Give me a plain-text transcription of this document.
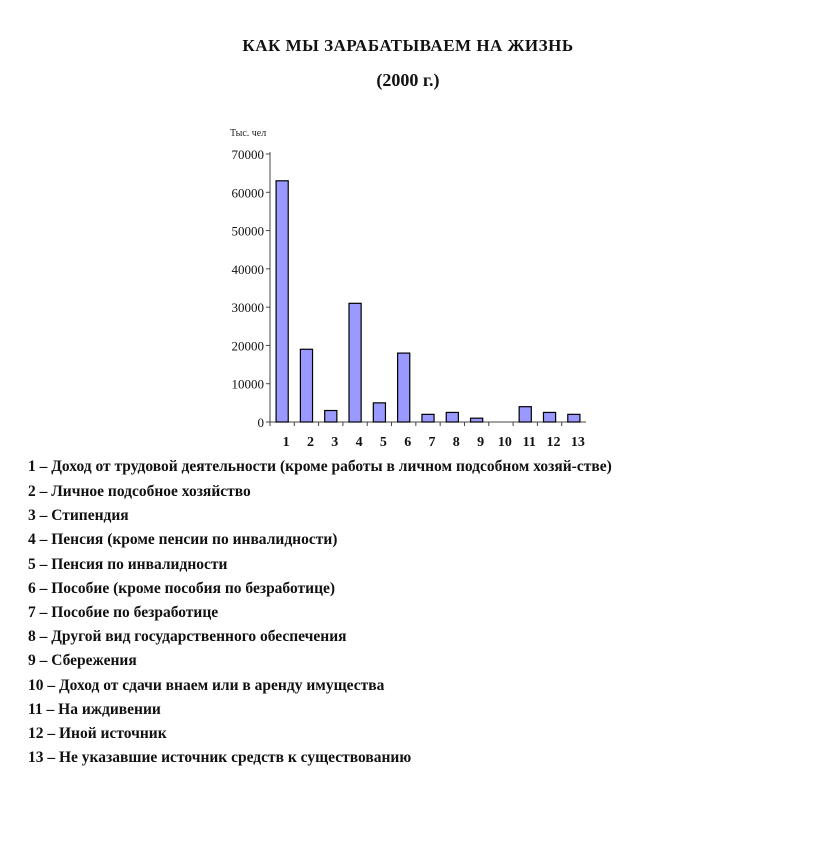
КАК МЫ ЗАРАБАТЫВАЕМ НА ЖИЗНЬ
(2000 г.)
Тыс. чел
0
10000
20000
30000
40000
50000
60000
70000
1 2 3 4 5 6 7 8 9 10 11 12 13
1 – Доход от трудовой деятельности (кроме работы в личном подсобном хозяй-стве)
2 – Личное подсобное хозяйство
3 – Стипендия
4 – Пенсия (кроме пенсии по инвалидности)
5 – Пенсия по инвалидности
6 – Пособие (кроме пособия по безработице)
7 – Пособие по безработице
8 – Другой вид государственного обеспечения
9 – Сбережения
10 – Доход от сдачи внаем или в аренду имущества
11 – На иждивении
12 – Иной источник
13 – Не указавшие источник средств к существованию
